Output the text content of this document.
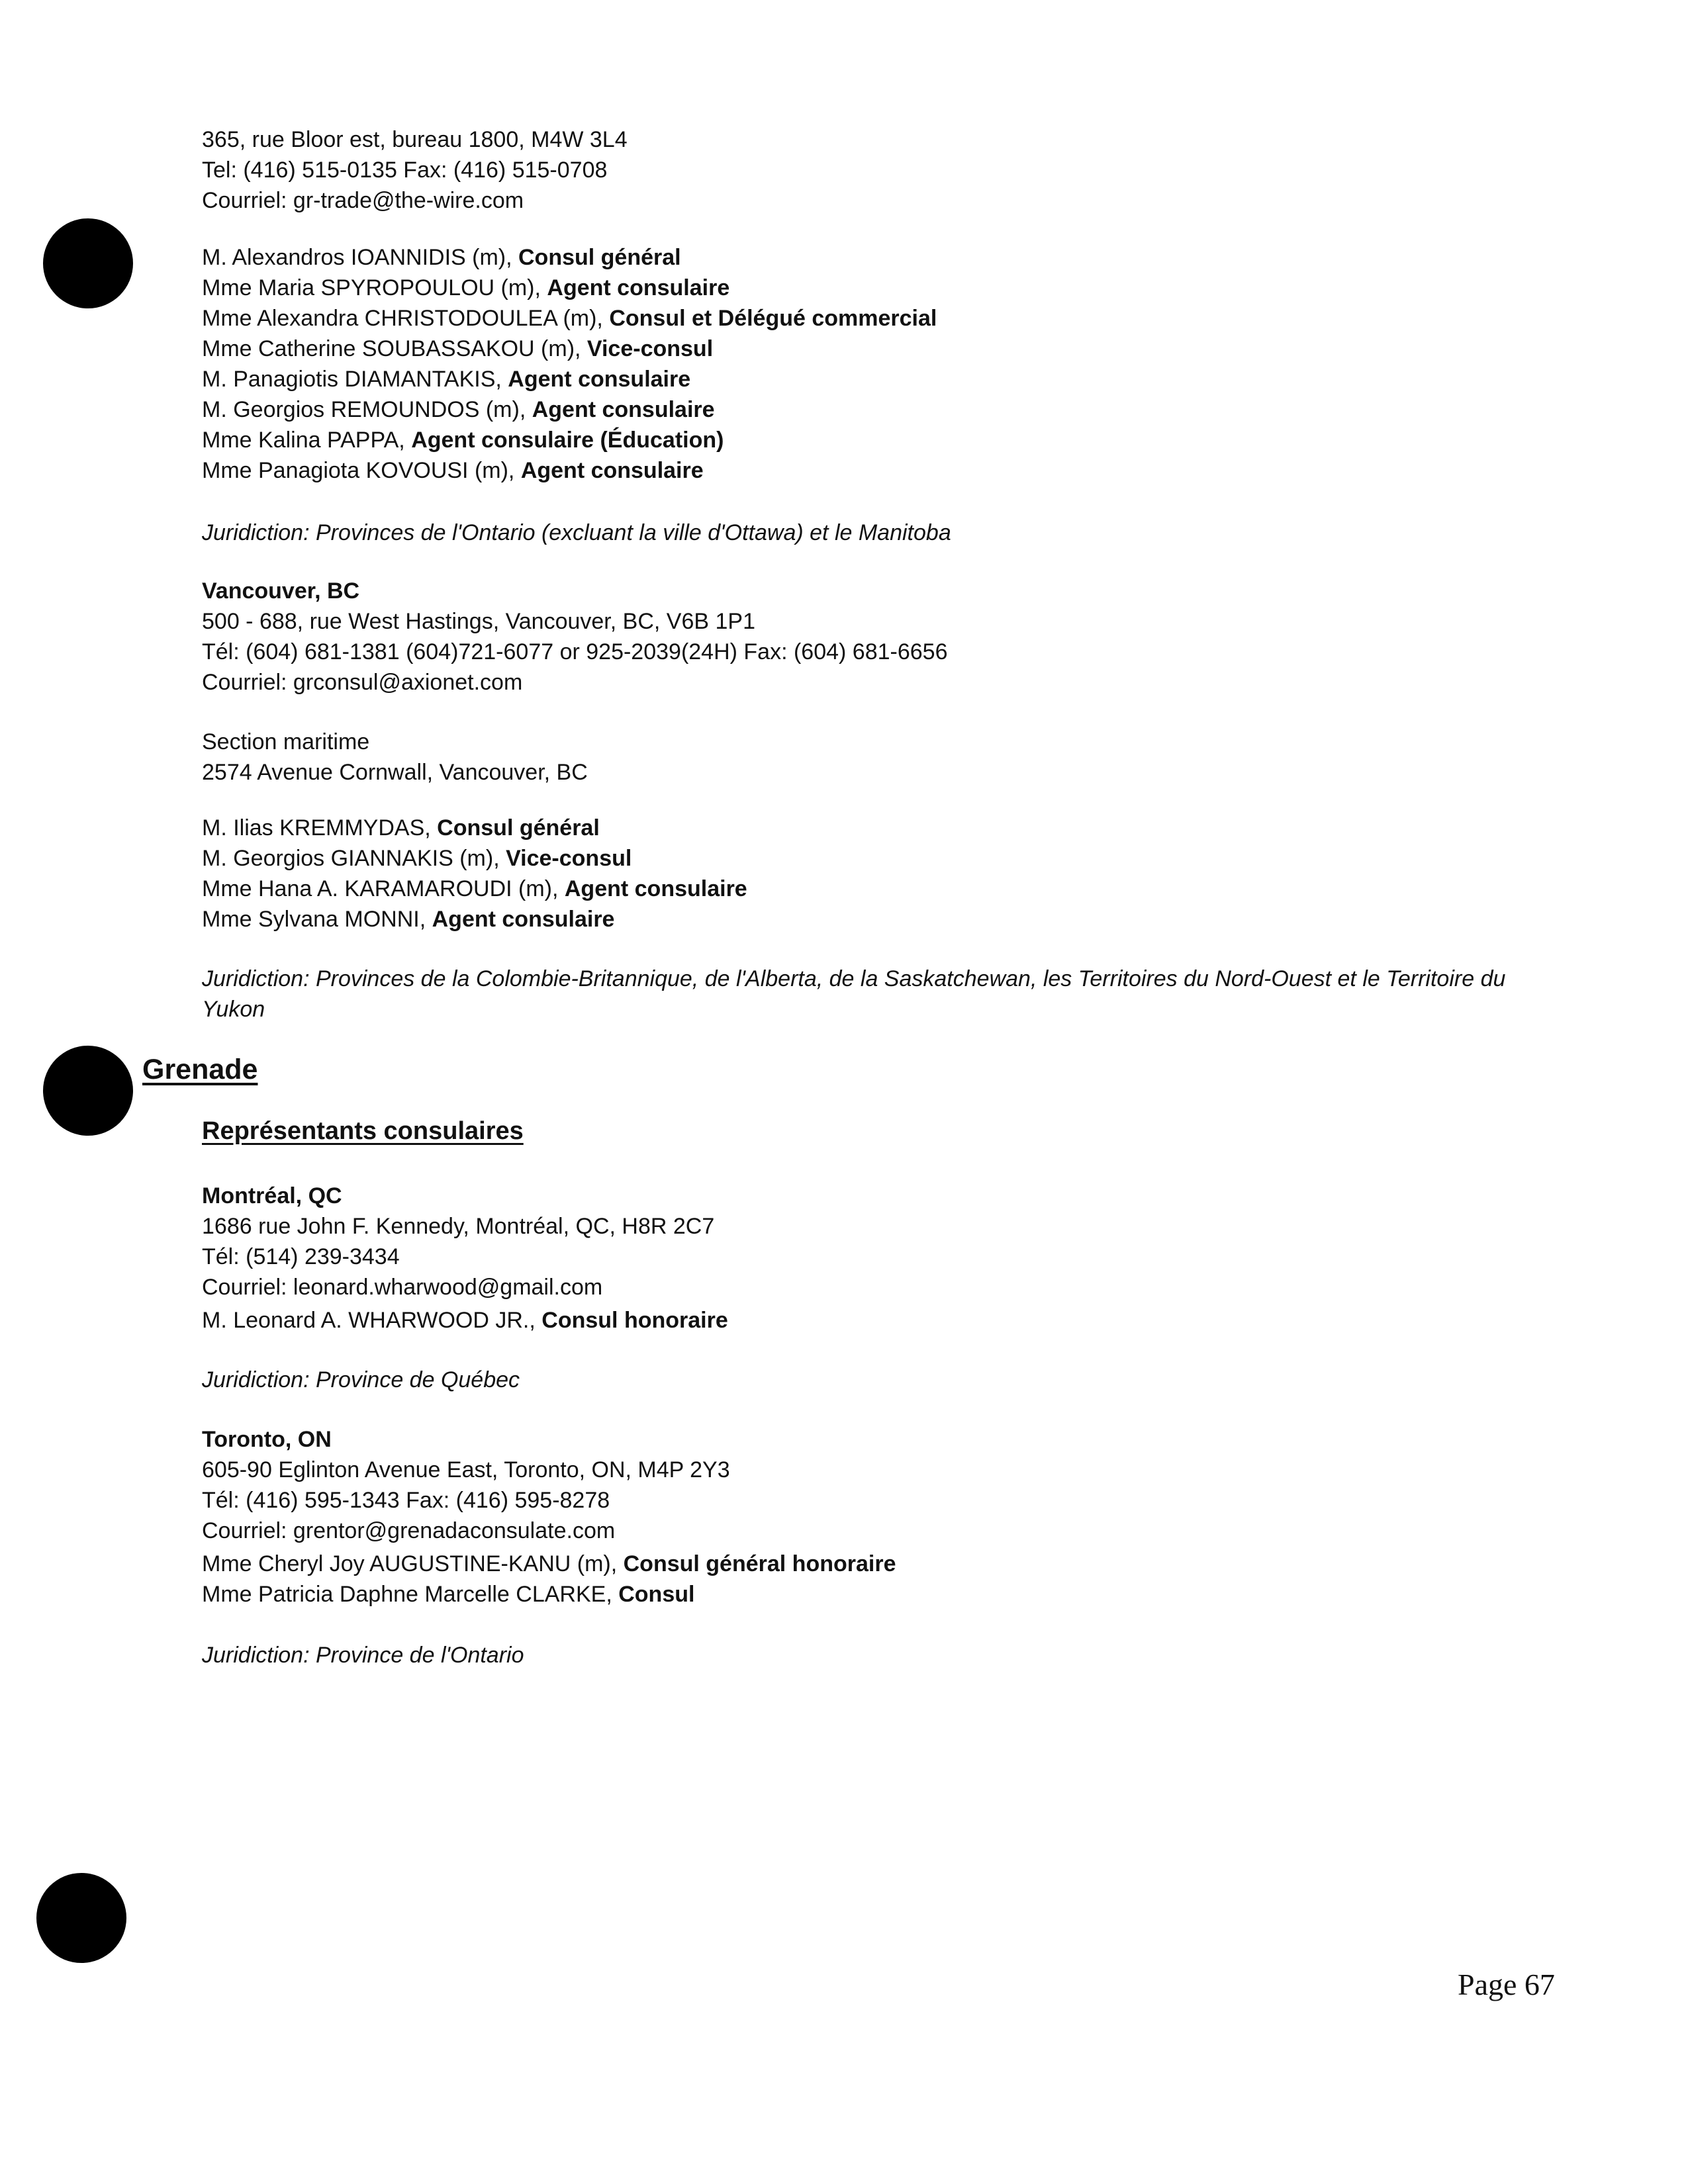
365, rue Bloor est, bureau 1800, M4W 3L4
Tel: (416) 515-0135 Fax: (416) 515-0708
Courriel: gr-trade@the-wire.com
M. Alexandros IOANNIDIS (m), Consul général
Mme Maria SPYROPOULOU (m), Agent consulaire
Mme Alexandra CHRISTODOULEA (m), Consul et Délégué commercial
Mme Catherine SOUBASSAKOU (m), Vice-consul
M. Panagiotis DIAMANTAKIS, Agent consulaire
M. Georgios REMOUNDOS (m), Agent consulaire
Mme Kalina PAPPA, Agent consulaire (Éducation)
Mme Panagiota KOVOUSI (m), Agent consulaire
Juridiction: Provinces de l'Ontario (excluant la ville d'Ottawa) et le Manitoba
Vancouver, BC
500 - 688, rue West Hastings, Vancouver, BC, V6B 1P1
Tél: (604) 681-1381 (604)721-6077 or 925-2039(24H) Fax: (604) 681-6656
Courriel: grconsul@axionet.com
Section maritime
2574 Avenue Cornwall, Vancouver, BC
M. Ilias KREMMYDAS, Consul général
M. Georgios GIANNAKIS (m), Vice-consul
Mme Hana A. KARAMAROUDI (m), Agent consulaire
Mme Sylvana MONNI, Agent consulaire
Juridiction: Provinces de la Colombie-Britannique, de l'Alberta, de la Saskatchewan, les Territoires du Nord-Ouest et le Territoire du Yukon
Grenade
Représentants consulaires
Montréal, QC
1686 rue John F. Kennedy, Montréal, QC, H8R 2C7
Tél: (514) 239-3434
Courriel: leonard.wharwood@gmail.com
M. Leonard A. WHARWOOD JR., Consul honoraire
Juridiction: Province de Québec
Toronto, ON
605-90 Eglinton Avenue East, Toronto, ON, M4P 2Y3
Tél: (416) 595-1343 Fax: (416) 595-8278
Courriel: grentor@grenadaconsulate.com
Mme Cheryl Joy AUGUSTINE-KANU (m), Consul général honoraire
Mme Patricia Daphne Marcelle CLARKE, Consul
Juridiction: Province de l'Ontario
Page 67
